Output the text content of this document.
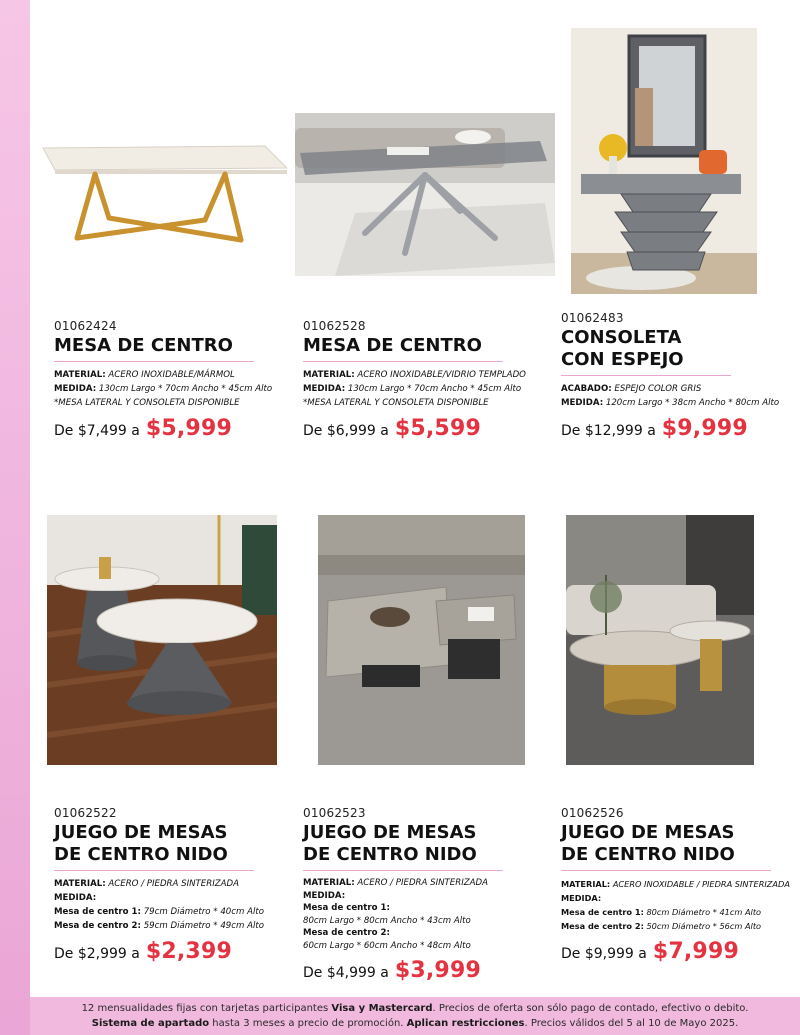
01062424
MESA DE CENTRO
MATERIAL: ACERO INOXIDABLE/MÁRMOL
MEDIDA: 130cm Largo * 70cm Ancho * 45cm Alto
*MESA LATERAL Y CONSOLETA DISPONIBLE
De $7,499 a $5,999
01062528
MESA DE CENTRO
MATERIAL: ACERO INOXIDABLE/VIDRIO TEMPLADO
MEDIDA: 130cm Largo * 70cm Ancho * 45cm Alto
*MESA LATERAL Y CONSOLETA DISPONIBLE
De $6,999 a $5,599
01062483
CONSOLETA
CON ESPEJO
ACABADO: ESPEJO COLOR GRIS
MEDIDA: 120cm Largo * 38cm Ancho * 80cm Alto
De $12,999 a $9,999
01062522
JUEGO DE MESAS
DE CENTRO NIDO
MATERIAL: ACERO / PIEDRA SINTERIZADA
MEDIDA:
Mesa de centro 1: 79cm Diámetro * 40cm Alto
Mesa de centro 2: 59cm Diámetro * 49cm Alto
De $2,999 a $2,399
01062523
JUEGO DE MESAS
DE CENTRO NIDO
MATERIAL: ACERO / PIEDRA SINTERIZADA
MEDIDA:
Mesa de centro 1:
80cm Largo * 80cm Ancho * 43cm Alto
Mesa de centro 2:
60cm Largo * 60cm Ancho * 48cm Alto
De $4,999 a $3,999
01062526
JUEGO DE MESAS
DE CENTRO NIDO
MATERIAL: ACERO INOXIDABLE / PIEDRA SINTERIZADA
MEDIDA:
Mesa de centro 1: 80cm Diámetro * 41cm Alto
Mesa de centro 2: 50cm Diámetro * 56cm Alto
De $9,999 a $7,999
12 mensualidades fijas con tarjetas participantes Visa y Mastercard. Precios de oferta son sólo pago de contado, efectivo o debito.
Sistema de apartado hasta 3 meses a precio de promoción. Aplican restricciones. Precios válidos del 5 al 10 de Mayo 2025.
